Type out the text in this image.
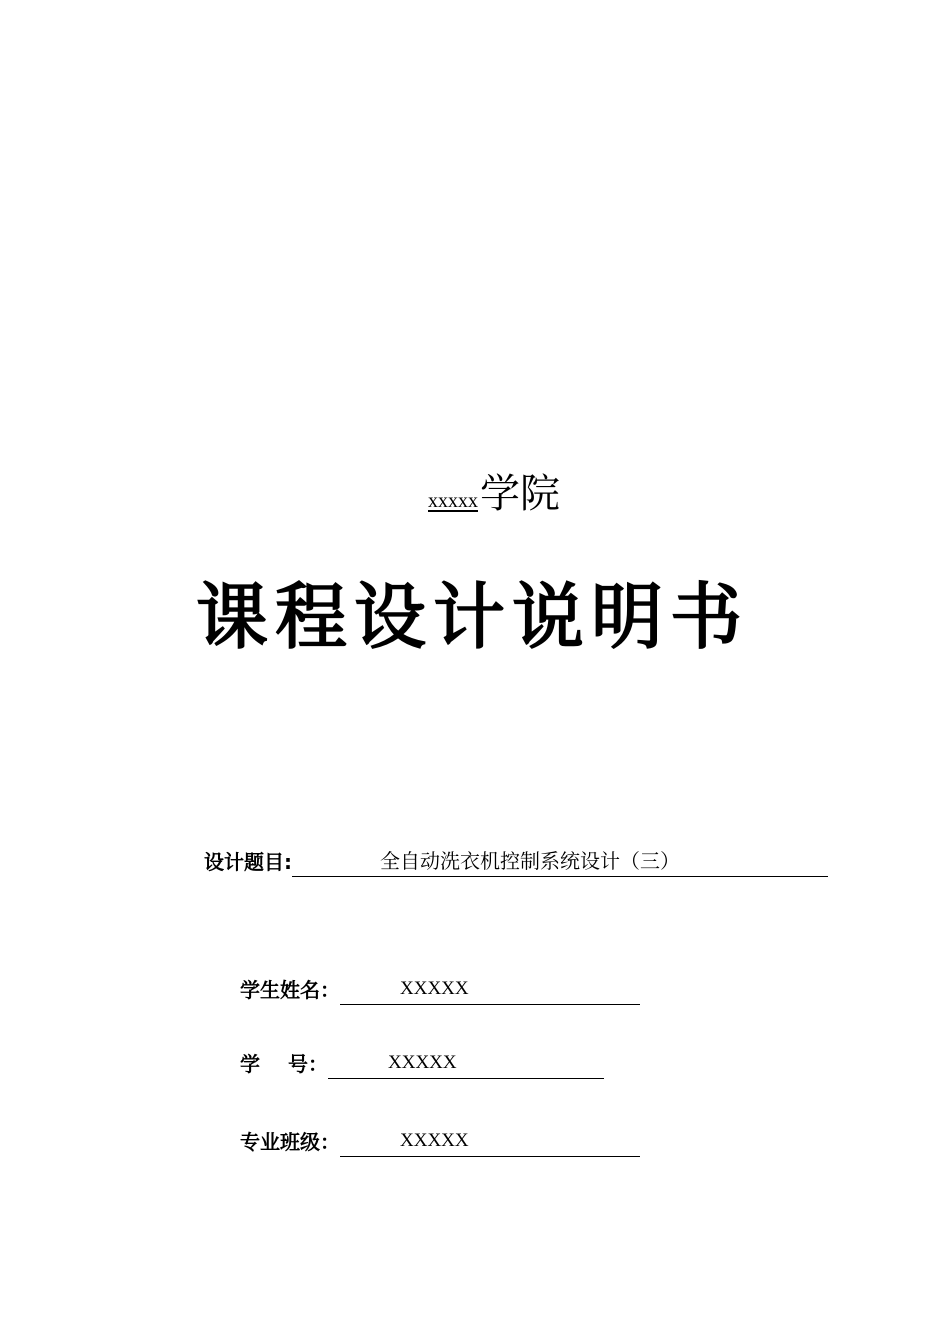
xxxxx 学院
课程设计说明书
设计题目:	全自动洗衣机控制系统设计（三）
学生姓名：	XXXXX
学 号：	XXXXX
专业班级：	XXXXX
